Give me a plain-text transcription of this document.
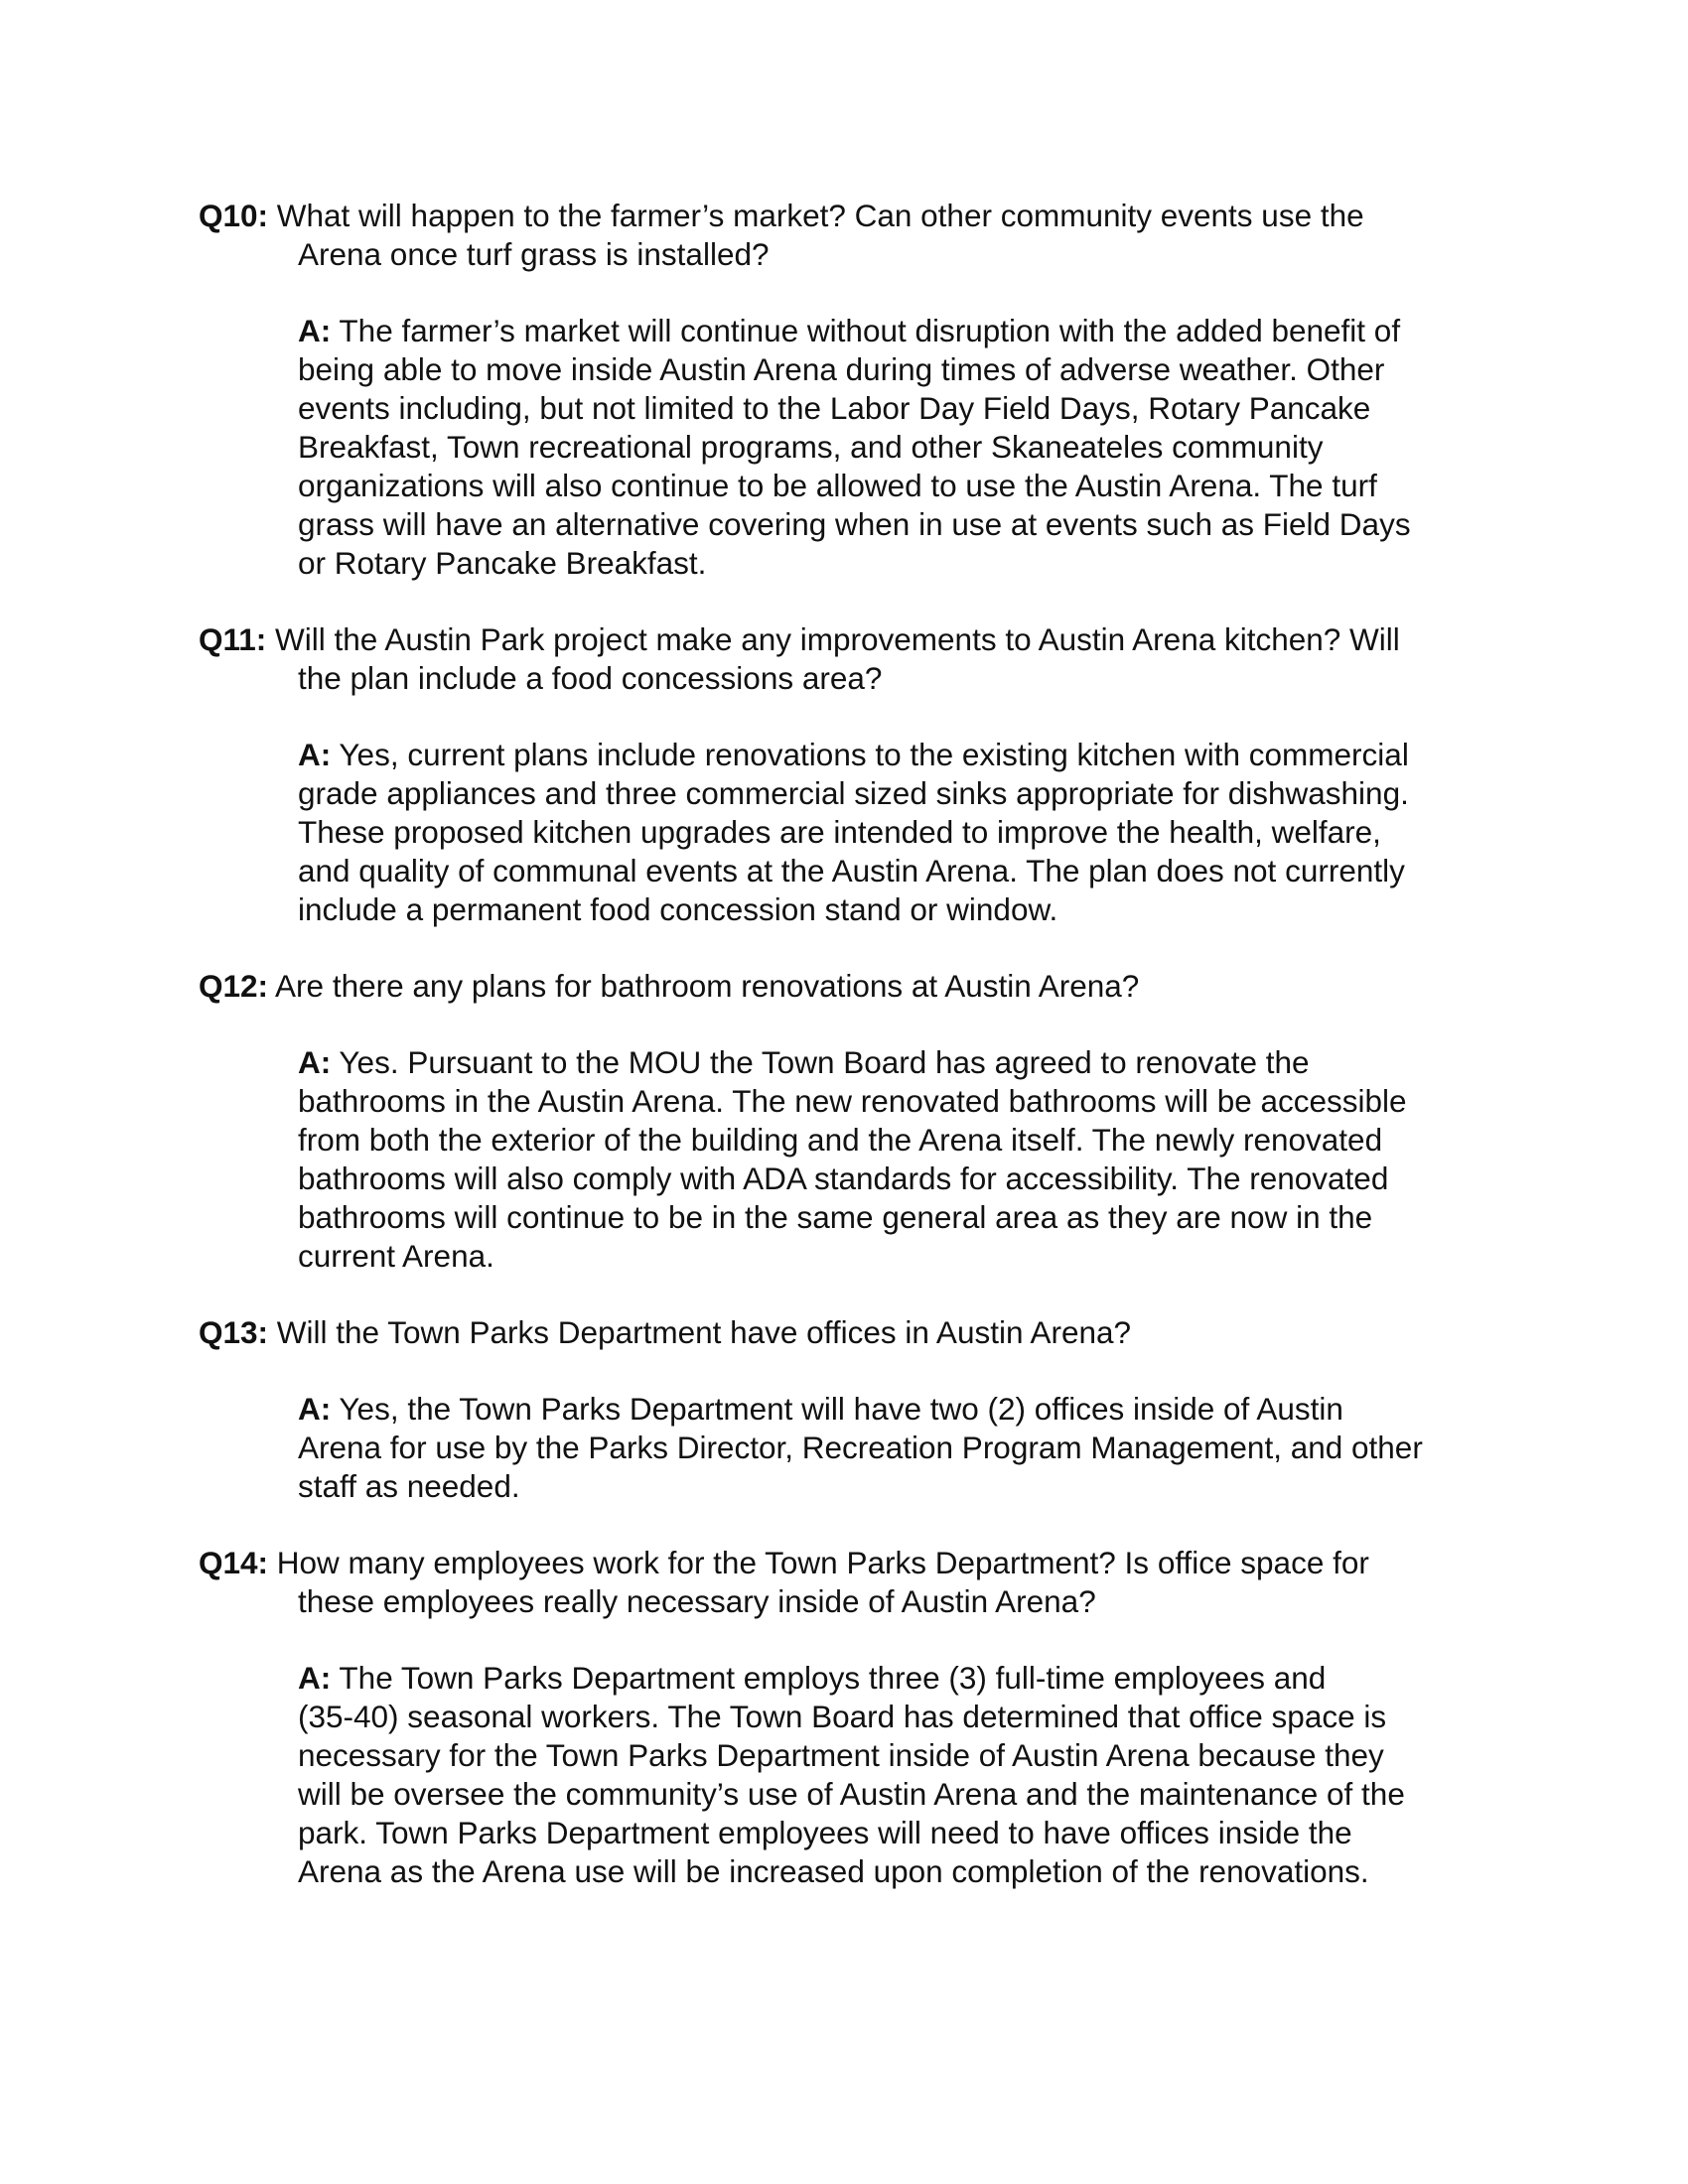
Q10: What will happen to the farmer’s market? Can other community events use the
Arena once turf grass is installed?

A: The farmer’s market will continue without disruption with the added benefit of
being able to move inside Austin Arena during times of adverse weather. Other
events including, but not limited to the Labor Day Field Days, Rotary Pancake
Breakfast, Town recreational programs, and other Skaneateles community
organizations will also continue to be allowed to use the Austin Arena. The turf
grass will have an alternative covering when in use at events such as Field Days
or Rotary Pancake Breakfast.

Q11: Will the Austin Park project make any improvements to Austin Arena kitchen? Will
the plan include a food concessions area?

A: Yes, current plans include renovations to the existing kitchen with commercial
grade appliances and three commercial sized sinks appropriate for dishwashing.
These proposed kitchen upgrades are intended to improve the health, welfare,
and quality of communal events at the Austin Arena. The plan does not currently
include a permanent food concession stand or window.

Q12: Are there any plans for bathroom renovations at Austin Arena?

A: Yes. Pursuant to the MOU the Town Board has agreed to renovate the
bathrooms in the Austin Arena. The new renovated bathrooms will be accessible
from both the exterior of the building and the Arena itself. The newly renovated
bathrooms will also comply with ADA standards for accessibility. The renovated
bathrooms will continue to be in the same general area as they are now in the
current Arena.

Q13: Will the Town Parks Department have offices in Austin Arena?

A: Yes, the Town Parks Department will have two (2) offices inside of Austin
Arena for use by the Parks Director, Recreation Program Management, and other
staff as needed.

Q14: How many employees work for the Town Parks Department? Is office space for
these employees really necessary inside of Austin Arena?

A: The Town Parks Department employs three (3) full-time employees and
(35-40) seasonal workers. The Town Board has determined that office space is
necessary for the Town Parks Department inside of Austin Arena because they
will be oversee the community’s use of Austin Arena and the maintenance of the
park. Town Parks Department employees will need to have offices inside the
Arena as the Arena use will be increased upon completion of the renovations.
